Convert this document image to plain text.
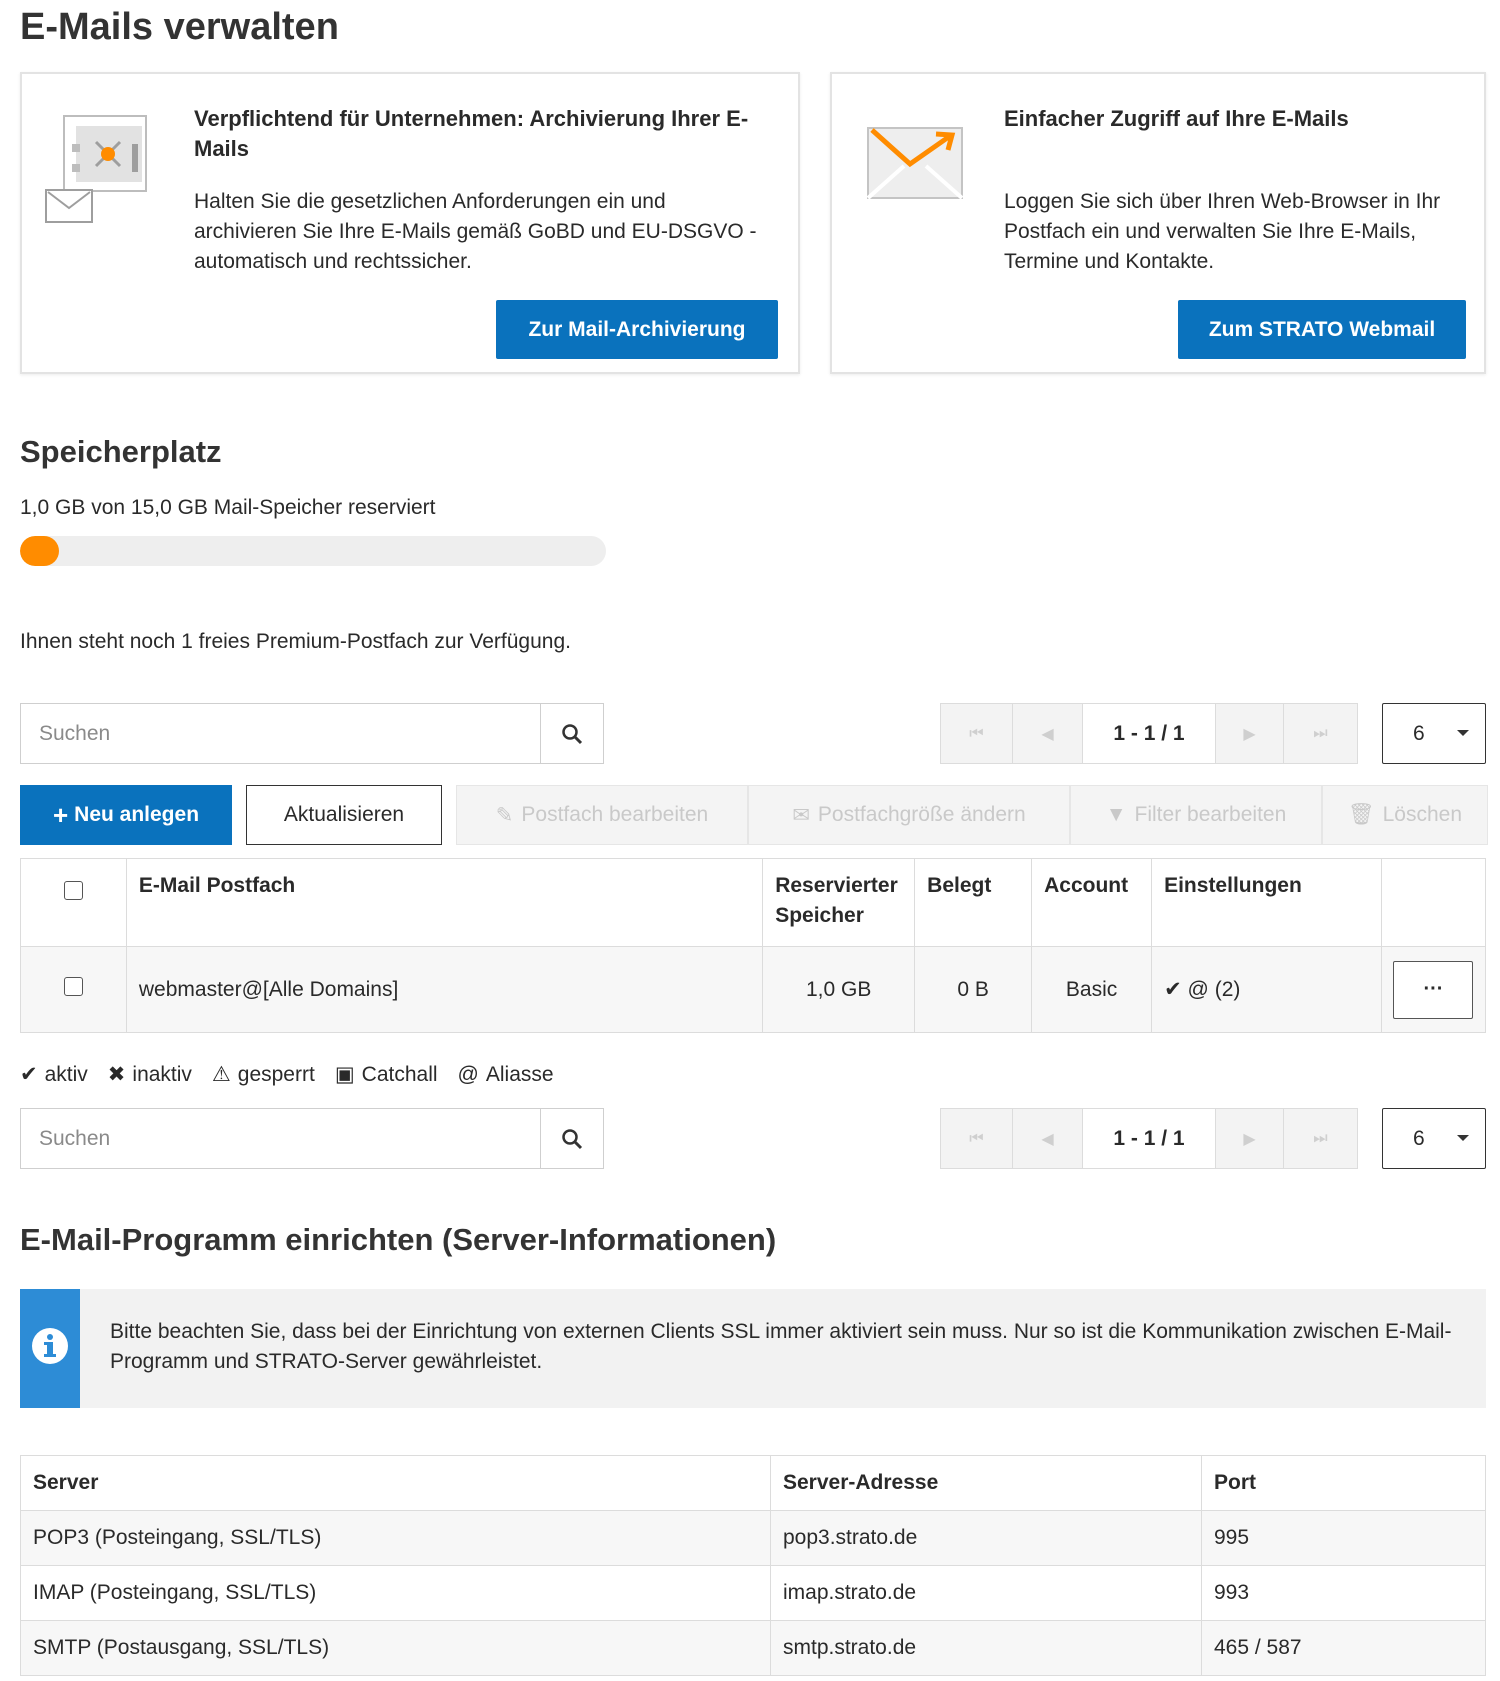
E-Mails verwalten
Verpflichtend für Unternehmen: Archivierung Ihrer E-Mails
Halten Sie die gesetzlichen Anforderungen ein und archivieren Sie Ihre E-Mails gemäß GoBD und EU-DSGVO - automatisch und rechtssicher.
Zur Mail-Archivierung
Einfacher Zugriff auf Ihre E-Mails
Loggen Sie sich über Ihren Web-Browser in Ihr Postfach ein und verwalten Sie Ihre E-Mails, Termine und Kontakte.
Zum STRATO Webmail
Speicherplatz
1,0 GB von 15,0 GB Mail-Speicher reserviert
Ihnen steht noch 1 freies Premium-Postfach zur Verfügung.
Suchen
⏮	◀	1 - 1 / 1	▶	⏭	6
+ Neu anlegen	Aktualisieren	✎ Postfach bearbeiten	✉ Postfachgröße ändern	▼ Filter bearbeiten	🗑 Löschen
	E-Mail Postfach	Reservierter Speicher	Belegt	Account	Einstellungen	
	webmaster@[Alle Domains]	1,0 GB	0 B	Basic	✔ @ (2)	···
✔ aktiv ✖ inaktiv ⚠ gesperrt ▣ Catchall @ Aliasse
Suchen
⏮	◀	1 - 1 / 1	▶	⏭	6
E-Mail-Programm einrichten (Server-Informationen)
Bitte beachten Sie, dass bei der Einrichtung von externen Clients SSL immer aktiviert sein muss. Nur so ist die Kommunikation zwischen E-Mail-Programm und STRATO-Server gewährleistet.
Server	Server-Adresse	Port
POP3 (Posteingang, SSL/TLS)	pop3.strato.de	995
IMAP (Posteingang, SSL/TLS)	imap.strato.de	993
SMTP (Postausgang, SSL/TLS)	smtp.strato.de	465 / 587
